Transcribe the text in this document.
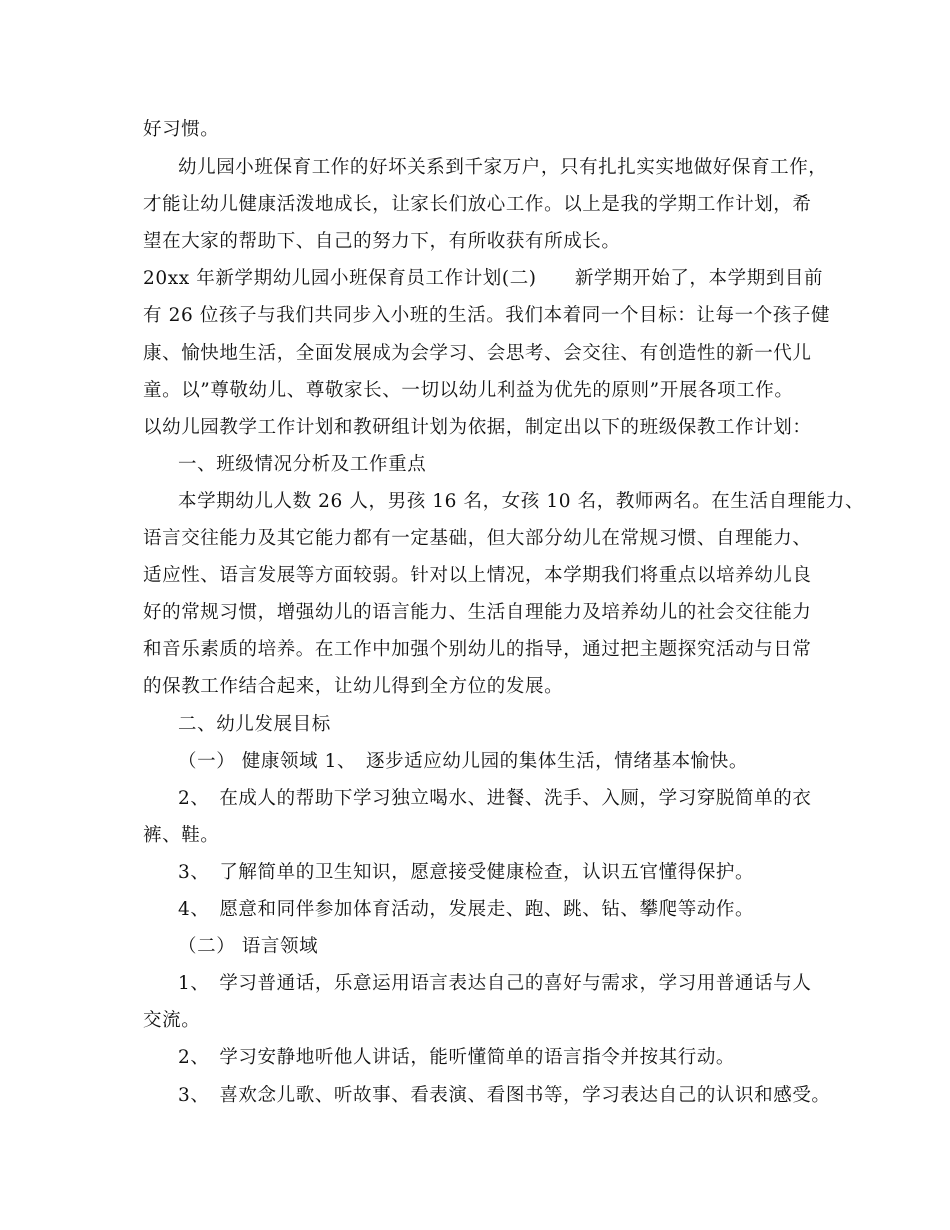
好习惯。
幼儿园小班保育工作的好坏关系到千家万户，只有扎扎实实地做好保育工作，
才能让幼儿健康活泼地成长，让家长们放心工作。以上是我的学期工作计划，希
望在大家的帮助下、自己的努力下，有所收获有所成长。
20xx 年新学期幼儿园小班保育员工作计划(二)　　新学期开始了，本学期到目前
有 26 位孩子与我们共同步入小班的生活。我们本着同一个目标：让每一个孩子健
康、愉快地生活，全面发展成为会学习、会思考、会交往、有创造性的新一代儿
童。以”尊敬幼儿、尊敬家长、一切以幼儿利益为优先的原则”开展各项工作。
以幼儿园教学工作计划和教研组计划为依据，制定出以下的班级保教工作计划：
一、班级情况分析及工作重点
本学期幼儿人数 26 人，男孩 16 名，女孩 10 名，教师两名。在生活自理能力、
语言交往能力及其它能力都有一定基础，但大部分幼儿在常规习惯、自理能力、
适应性、语言发展等方面较弱。针对以上情况，本学期我们将重点以培养幼儿良
好的常规习惯，增强幼儿的语言能力、生活自理能力及培养幼儿的社会交往能力
和音乐素质的培养。在工作中加强个别幼儿的指导，通过把主题探究活动与日常
的保教工作结合起来，让幼儿得到全方位的发展。
二、幼儿发展目标
（一） 健康领域 1、　逐步适应幼儿园的集体生活，情绪基本愉快。
2、　在成人的帮助下学习独立喝水、进餐、洗手、入厕，学习穿脱简单的衣
裤、鞋。
3、　了解简单的卫生知识，愿意接受健康检查，认识五官懂得保护。
4、　愿意和同伴参加体育活动，发展走、跑、跳、钻、攀爬等动作。
（二） 语言领域
1、　学习普通话，乐意运用语言表达自己的喜好与需求，学习用普通话与人
交流。
2、　学习安静地听他人讲话，能听懂简单的语言指令并按其行动。
3、　喜欢念儿歌、听故事、看表演、看图书等，学习表达自己的认识和感受。
